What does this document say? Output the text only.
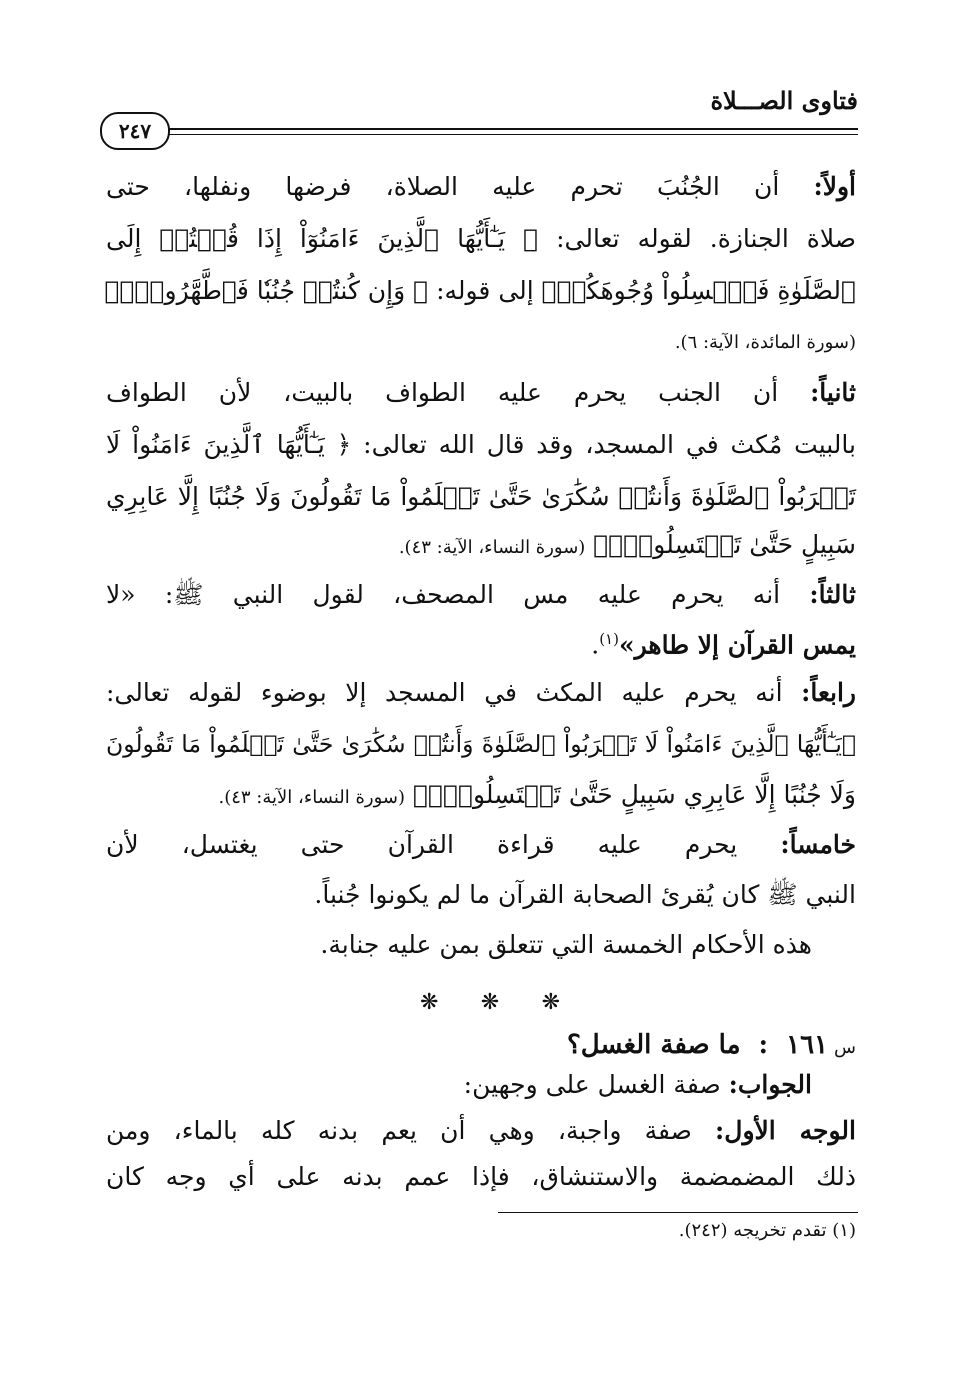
فتاوى الصـــلاة
٢٤٧
أولاً: أن الجُنُبَ تحرم عليه الصلاة، فرضها ونفلها، حتى
صلاة الجنازة. لقوله تعالى: ﴿ يَـٰٓأَيُّهَا ٱلَّذِينَ ءَامَنُوٓاْ إِذَا قُمۡتُمۡ إِلَى
ٱلصَّلَوٰةِ فَٱغۡسِلُواْ وُجُوهَكُمۡ﴾ إلى قوله: ﴿ وَإِن كُنتُمۡ جُنُبٗا فَٱطَّهَّرُواْۚ﴾
(سورة المائدة، الآية: ٦).
ثانياً: أن الجنب يحرم عليه الطواف بالبيت، لأن الطواف
بالبيت مُكث في المسجد، وقد قال الله تعالى: ﴿ يَـٰٓأَيُّهَا ٱلَّذِينَ ءَامَنُواْ لَا
تَقۡرَبُواْ ٱلصَّلَوٰةَ وَأَنتُمۡ سُكَٰرَىٰ حَتَّىٰ تَعۡلَمُواْ مَا تَقُولُونَ وَلَا جُنُبًا إِلَّا عَابِرِي
سَبِيلٍ حَتَّىٰ تَغۡتَسِلُواْۚ﴾ (سورة النساء، الآية: ٤٣).
ثالثاً: أنه يحرم عليه مس المصحف، لقول النبي ﷺ: «لا
يمس القرآن إلا طاهر»$^{(١)}$.
رابعاً: أنه يحرم عليه المكث في المسجد إلا بوضوء لقوله تعالى:
﴿يَـٰٓأَيُّهَا ٱلَّذِينَ ءَامَنُواْ لَا تَقۡرَبُواْ ٱلصَّلَوٰةَ وَأَنتُمۡ سُكَٰرَىٰ حَتَّىٰ تَعۡلَمُواْ مَا تَقُولُونَ
وَلَا جُنُبًا إِلَّا عَابِرِي سَبِيلٍ حَتَّىٰ تَغۡتَسِلُواْۚ﴾ (سورة النساء، الآية: ٤٣).
خامساً: يحرم عليه قراءة القرآن حتى يغتسل، لأن
النبي ﷺ كان يُقرئ الصحابة القرآن ما لم يكونوا جُنباً.
هذه الأحكام الخمسة التي تتعلق بمن عليه جنابة.
❋ ❋ ❋
س١٦١:ما صفة الغسل؟
الجواب: صفة الغسل على وجهين:
الوجه الأول: صفة واجبة، وهي أن يعم بدنه كله بالماء، ومن
ذلك المضمضمة والاستنشاق، فإذا عمم بدنه على أي وجه كان
(١) تقدم تخريجه (٢٤٢).
